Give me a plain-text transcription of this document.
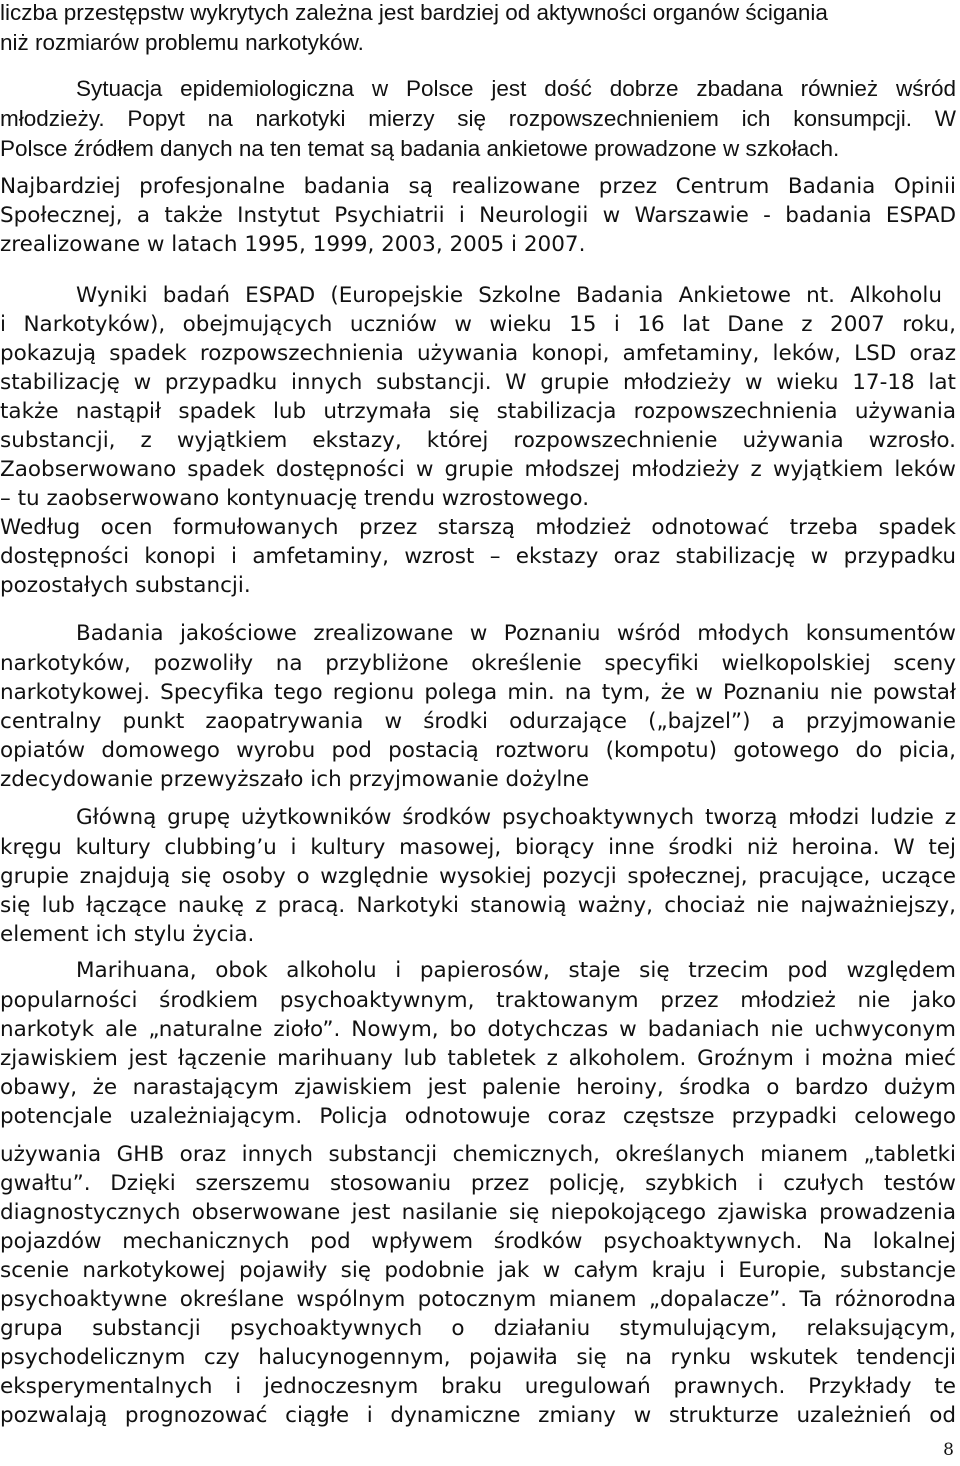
liczba przestępstw wykrytych zależna jest bardziej od aktywności organów ścigania

niż rozmiarów problemu narkotyków.

Sytuacja epidemiologiczna w Polsce jest dość dobrze zbadana również wśród

młodzieży. Popyt na narkotyki mierzy się rozpowszechnieniem ich konsumpcji. W

Polsce źródłem danych na ten temat są badania ankietowe prowadzone w szkołach.

Najbardziej profesjonalne badania są realizowane przez Centrum Badania Opinii

Społecznej, a także Instytut Psychiatrii i Neurologii w Warszawie - badania ESPAD

zrealizowane w latach 1995, 1999, 2003, 2005 i 2007.

Wyniki badań ESPAD (Europejskie Szkolne Badania Ankietowe nt. Alkoholu

i Narkotyków), obejmujących uczniów w wieku 15 i 16 lat Dane z 2007 roku,

pokazują spadek rozpowszechnienia używania konopi, amfetaminy, leków, LSD oraz

stabilizację w przypadku innych substancji. W grupie młodzieży w wieku 17-18 lat

także nastąpił spadek lub utrzymała się stabilizacja rozpowszechnienia używania

substancji, z wyjątkiem ekstazy, której rozpowszechnienie używania wzrosło.

Zaobserwowano spadek dostępności w grupie młodszej młodzieży z wyjątkiem leków

– tu zaobserwowano kontynuację trendu wzrostowego.

Według ocen formułowanych przez starszą młodzież odnotować trzeba spadek

dostępności konopi i amfetaminy, wzrost – ekstazy oraz stabilizację w przypadku

pozostałych substancji.

Badania jakościowe zrealizowane w Poznaniu wśród młodych konsumentów

narkotyków, pozwoliły na przybliżone określenie specyfiki wielkopolskiej sceny

narkotykowej. Specyfika tego regionu polega min. na tym, że w Poznaniu nie powstał

centralny punkt zaopatrywania w środki odurzające („bajzel”) a przyjmowanie

opiatów domowego wyrobu pod postacią roztworu (kompotu) gotowego do picia,

zdecydowanie przewyższało ich przyjmowanie dożylne

Główną grupę użytkowników środków psychoaktywnych tworzą młodzi ludzie z

kręgu kultury clubbing’u i kultury masowej, biorący inne środki niż heroina. W tej

grupie znajdują się osoby o względnie wysokiej pozycji społecznej, pracujące, uczące

się lub łączące naukę z pracą. Narkotyki stanowią ważny, chociaż nie najważniejszy,

element ich stylu życia.

Marihuana, obok alkoholu i papierosów, staje się trzecim pod względem

popularności środkiem psychoaktywnym, traktowanym przez młodzież nie jako

narkotyk ale „naturalne zioło”. Nowym, bo dotychczas w badaniach nie uchwyconym

zjawiskiem jest łączenie marihuany lub tabletek z alkoholem. Groźnym i można mieć

obawy, że narastającym zjawiskiem jest palenie heroiny, środka o bardzo dużym

potencjale uzależniającym. Policja odnotowuje coraz częstsze przypadki celowego

używania GHB oraz innych substancji chemicznych, określanych mianem „tabletki

gwałtu”. Dzięki szerszemu stosowaniu przez policję, szybkich i czułych testów

diagnostycznych obserwowane jest nasilanie się niepokojącego zjawiska prowadzenia

pojazdów mechanicznych pod wpływem środków psychoaktywnych. Na lokalnej

scenie narkotykowej pojawiły się podobnie jak w całym kraju i Europie, substancje

psychoaktywne określane wspólnym potocznym mianem „dopalacze”. Ta różnorodna

grupa substancji psychoaktywnych o działaniu stymulującym, relaksującym,

psychodelicznym czy halucynogennym, pojawiła się na rynku wskutek tendencji

eksperymentalnych i jednoczesnym braku uregulowań prawnych. Przykłady te

pozwalają prognozować ciągłe i dynamiczne zmiany w strukturze uzależnień od

8
